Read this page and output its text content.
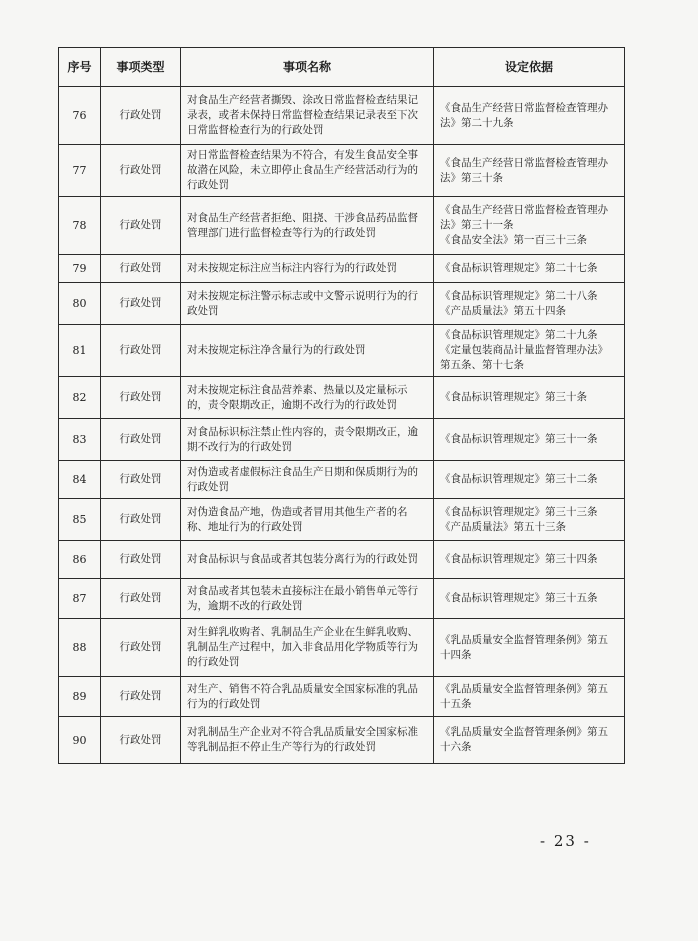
序号	事项类型	事项名称	设定依据
76	行政处罚	对食品生产经营者撕毁、涂改日常监督检查结果记录表，或者未保持日常监督检查结果记录表至下次日常监督检查行为的行政处罚	《食品生产经营日常监督检查管理办法》第二十九条
77	行政处罚	对日常监督检查结果为不符合，有发生食品安全事故潜在风险，未立即停止食品生产经营活动行为的行政处罚	《食品生产经营日常监督检查管理办法》第三十条
78	行政处罚	对食品生产经营者拒绝、阻挠、干涉食品药品监督管理部门进行监督检查等行为的行政处罚	《食品生产经营日常监督检查管理办法》第三十一条
《食品安全法》第一百三十三条
79	行政处罚	对未按规定标注应当标注内容行为的行政处罚	《食品标识管理规定》第二十七条
80	行政处罚	对未按规定标注警示标志或中文警示说明行为的行政处罚	《食品标识管理规定》第二十八条
《产品质量法》第五十四条
81	行政处罚	对未按规定标注净含量行为的行政处罚	《食品标识管理规定》第二十九条
《定量包装商品计量监督管理办法》第五条、第十七条
82	行政处罚	对未按规定标注食品营养素、热量以及定量标示的，责令限期改正，逾期不改行为的行政处罚	《食品标识管理规定》第三十条
83	行政处罚	对食品标识标注禁止性内容的，责令限期改正，逾期不改行为的行政处罚	《食品标识管理规定》第三十一条
84	行政处罚	对伪造或者虚假标注食品生产日期和保质期行为的行政处罚	《食品标识管理规定》第三十二条
85	行政处罚	对伪造食品产地，伪造或者冒用其他生产者的名称、地址行为的行政处罚	《食品标识管理规定》第三十三条
《产品质量法》第五十三条
86	行政处罚	对食品标识与食品或者其包装分离行为的行政处罚	《食品标识管理规定》第三十四条
87	行政处罚	对食品或者其包装未直接标注在最小销售单元等行为，逾期不改的行政处罚	《食品标识管理规定》第三十五条
88	行政处罚	对生鲜乳收购者、乳制品生产企业在生鲜乳收购、乳制品生产过程中，加入非食品用化学物质等行为的行政处罚	《乳品质量安全监督管理条例》第五十四条
89	行政处罚	对生产、销售不符合乳品质量安全国家标准的乳品行为的行政处罚	《乳品质量安全监督管理条例》第五十五条
90	行政处罚	对乳制品生产企业对不符合乳品质量安全国家标准等乳制品拒不停止生产等行为的行政处罚	《乳品质量安全监督管理条例》第五十六条
- 23 -
